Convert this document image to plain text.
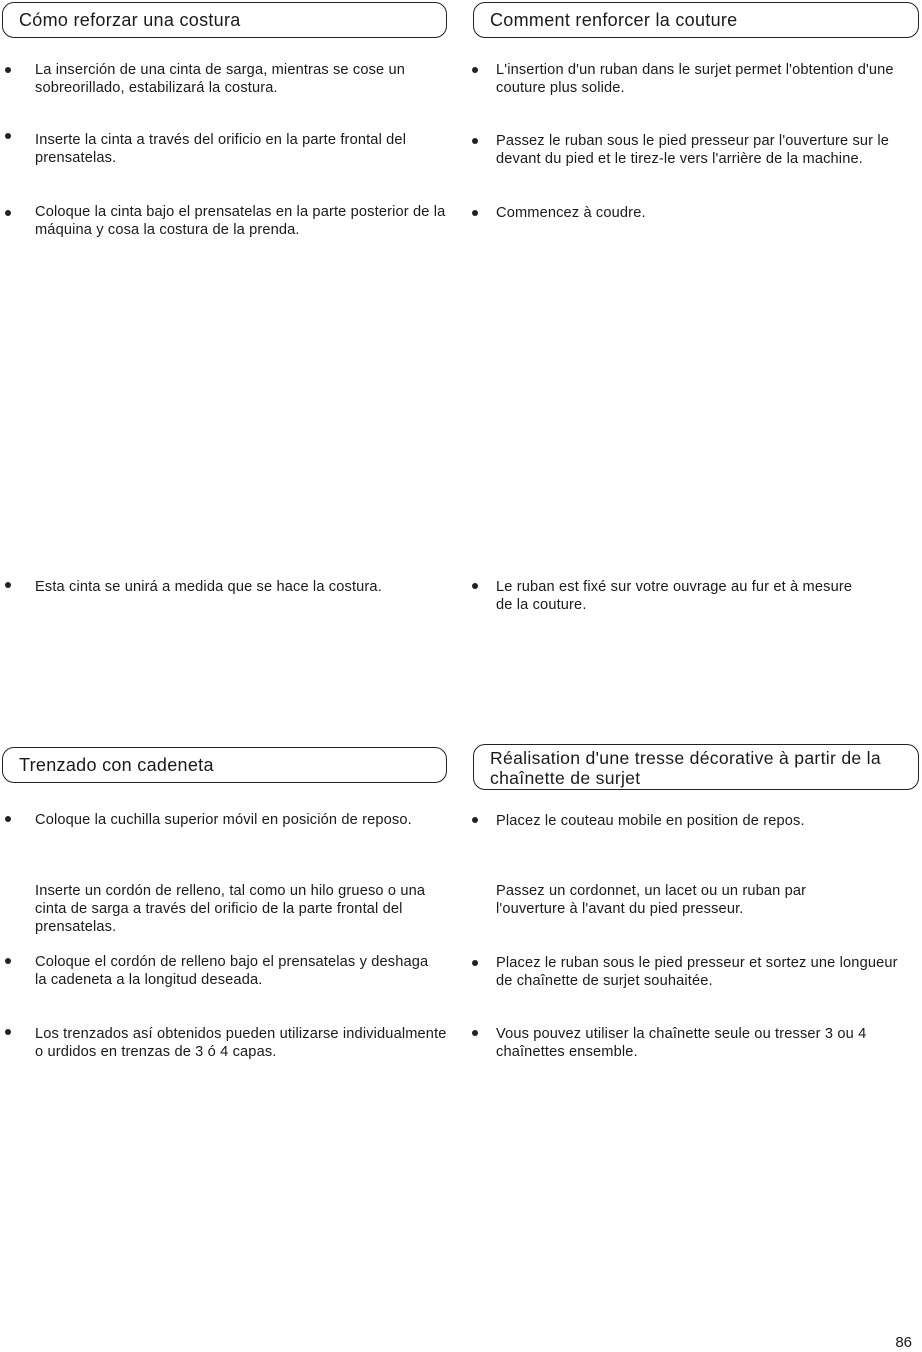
Cómo reforzar una costura

La inserción de una cinta de sarga, mientras se cose un sobreorillado, estabilizará la costura.

Inserte la cinta a través del orificio en la parte frontal del prensatelas.

Coloque la cinta bajo el prensatelas en la parte posterior de la máquina y cosa la costura de la prenda.

Esta cinta se unirá a medida que se hace la costura.

Trenzado con cadeneta

Coloque la cuchilla superior móvil en posición de reposo.

Inserte un cordón de relleno, tal como un hilo grueso o una cinta de sarga a través del orificio de la parte frontal del prensatelas.

Coloque el cordón de relleno bajo el prensatelas y deshaga la cadeneta a la longitud deseada.

Los trenzados así obtenidos pueden utilizarse individualmente o urdidos en trenzas de 3 ó 4 capas.

Comment renforcer la couture

L'insertion d'un ruban dans le surjet permet l'obtention d'une couture plus solide.

Passez le ruban sous le pied presseur par l'ouverture sur le devant du pied et le tirez-le vers l'arrière de la machine.

Commencez à coudre.

Le ruban est fixé sur votre ouvrage au fur et à mesure de la couture.

Réalisation d'une tresse décorative à partir de la chaînette de surjet

Placez le couteau mobile en position de repos.

Passez un cordonnet, un lacet ou un ruban par l'ouverture à l'avant du pied presseur.

Placez le ruban sous le pied presseur et sortez une longueur de chaînette de surjet souhaitée.

Vous pouvez utiliser la chaînette seule ou tresser 3 ou 4 chaînettes ensemble.

86
